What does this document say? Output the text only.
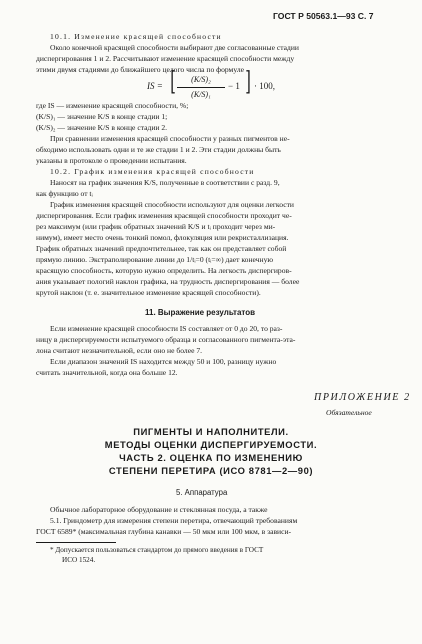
ГОСТ Р 50563.1—93 С. 7
10.1. Изменение красящей способности
Около конечной красящей способности выбирают две согласованные стадии
диспергирования 1 и 2. Рассчитывают изменение красящей способности между
этими двумя стадиями до ближайшего целого числа по формуле
IS = [	(K/S)₂
(K/S)₁
− 1 ] · 100,
где IS — изменение красящей способности, %;
(K/S)₁ — значение K/S в конце стадии 1;
(K/S)₂ — значение K/S в конце стадии 2.
При сравнении изменения красящей способности у разных пигментов не-
обходимо использовать одни и те же стадии 1 и 2. Эти стадии должны быть
указаны в протоколе о проведении испытания.
10.2. График изменения красящей способности
Наносят на график значения K/S, полученные в соответствии с разд. 9,
как функцию от tᵢ
График изменения красящей способности используют для оценки легкости
диспергирования. Если график изменения красящей способности проходит че-
рез максимум (или график обратных значений K/S и tᵢ проходит через ми-
нимум), имеет место очень тонкий помол, флокуляция или рекристаллизация.
График обратных значений предпочтительнее, так как он представляет собой
прямую линию. Экстраполирование линии до 1/tᵢ=0 (tᵢ=∞) дает конечную
красящую способность, которую нужно определить. На легкость диспергиров-
ания указывает пологий наклон графика, на трудность диспергирования — более
крутой наклон (т. е. значительное изменение красящей способности).
11. Выражение результатов
Если изменение красящей способности IS составляет от 0 до 20, то раз-
ницу в диспергируемости испытуемого образца и согласованного пигмента-эта-
лона считают незначительной, если оно не более 7.
Если диапазон значений IS находится между 50 и 100, разницу нужно
считать значительной, когда она больше 12.
ПРИЛОЖЕНИЕ 2
Обязательное
ПИГМЕНТЫ И НАПОЛНИТЕЛИ.
МЕТОДЫ ОЦЕНКИ ДИСПЕРГИРУЕМОСТИ.
ЧАСТЬ 2. ОЦЕНКА ПО ИЗМЕНЕНИЮ
СТЕПЕНИ ПЕРЕТИРА (ИСО 8781—2—90)
5. Аппаратура
Обычное лабораторное оборудование и стеклянная посуда, а также
5.1. Гриндометр для измерения степени перетира, отвечающий требованиям
ГОСТ 6589* (максимальная глубина канавки — 50 мкм или 100 мкм, в зависи-
* Допускается пользоваться стандартом до прямого введения в ГОСТ
ИСО 1524.
